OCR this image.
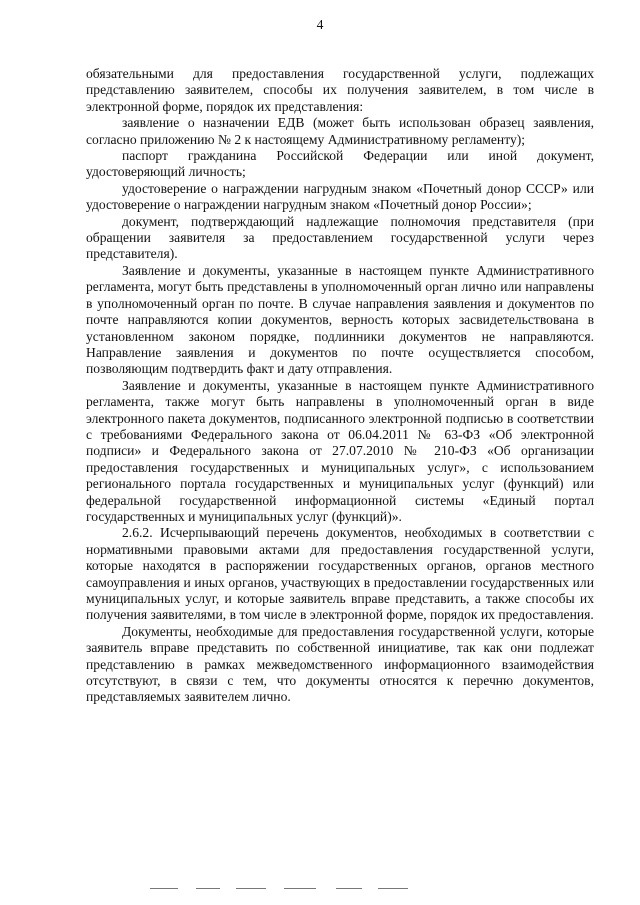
4

обязательными для предоставления государственной услуги, подлежащих представлению заявителем, способы их получения заявителем, в том числе в электронной форме, порядок их представления:

заявление о назначении ЕДВ (может быть использован образец заявления, согласно приложению № 2 к настоящему Административному регламенту);

паспорт гражданина Российской Федерации или иной документ, удостоверяющий личность;

удостоверение о награждении нагрудным знаком «Почетный донор СССР» или удостоверение о награждении нагрудным знаком «Почетный донор России»;

документ, подтверждающий надлежащие полномочия представителя (при обращении заявителя за предоставлением государственной услуги через представителя).

Заявление и документы, указанные в настоящем пункте Административного регламента, могут быть представлены в уполномоченный орган лично или направлены в уполномоченный орган по почте. В случае направления заявления и документов по почте направляются копии документов, верность которых засвидетельствована в установленном законом порядке, подлинники документов не направляются. Направление заявления и документов по почте осуществляется способом, позволяющим подтвердить факт и дату отправления.

Заявление и документы, указанные в настоящем пункте Административного регламента, также могут быть направлены в уполномоченный орган в виде электронного пакета документов, подписанного электронной подписью в соответствии с требованиями Федерального закона от 06.04.2011 № 63-ФЗ «Об электронной подписи» и Федерального закона от 27.07.2010 № 210-ФЗ «Об организации предоставления государственных и муниципальных услуг», с использованием регионального портала государственных и муниципальных услуг (функций) или федеральной государственной информационной системы «Единый портал государственных и муниципальных услуг (функций)».

2.6.2. Исчерпывающий перечень документов, необходимых в соответствии с нормативными правовыми актами для предоставления государственной услуги, которые находятся в распоряжении государственных органов, органов местного самоуправления и иных органов, участвующих в предоставлении государственных или муниципальных услуг, и которые заявитель вправе представить, а также способы их получения заявителями, в том числе в электронной форме, порядок их предоставления.

Документы, необходимые для предоставления государственной услуги, которые заявитель вправе представить по собственной инициативе, так как они подлежат представлению в рамках межведомственного информационного взаимодействия отсутствуют, в связи с тем, что документы относятся к перечню документов, представляемых заявителем лично.
